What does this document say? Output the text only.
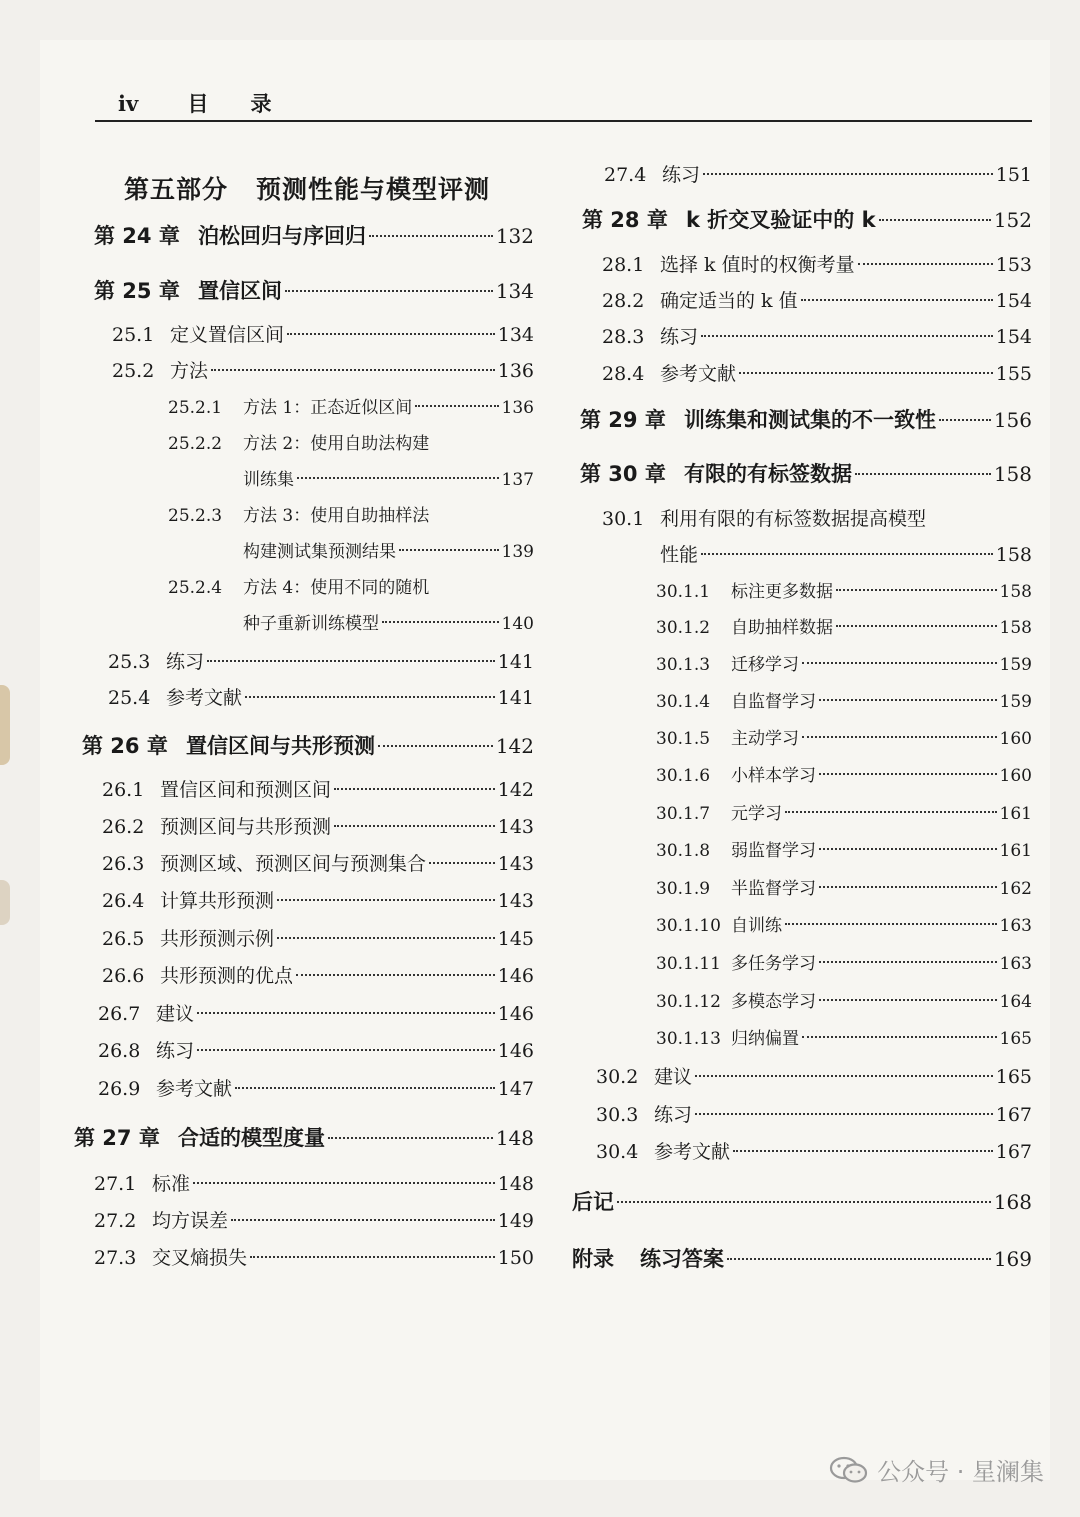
iv 目录
第五部分 预测性能与模型评测
第 24 章 泊松回归与序回归	132
第 25 章 置信区间	134
25.1 定义置信区间	134
25.2 方法	136
25.2.1	方法 1：正态近似区间	136
25.2.2	方法 2：使用自助法构建
训练集	137
25.2.3	方法 3：使用自助抽样法
构建测试集预测结果	139
25.2.4	方法 4：使用不同的随机
种子重新训练模型	140
25.3 练习	141
25.4 参考文献	141
第 26 章 置信区间与共形预测	142
26.1 置信区间和预测区间	142
26.2 预测区间与共形预测	143
26.3 预测区域、预测区间与预测集合	143
26.4 计算共形预测	143
26.5 共形预测示例	145
26.6 共形预测的优点	146
26.7 建议	146
26.8 练习	146
26.9 参考文献	147
第 27 章 合适的模型度量	148
27.1 标准	148
27.2 均方误差	149
27.3 交叉熵损失	150
27.4 练习	151
第 28 章 k 折交叉验证中的 k	152
28.1 选择 k 值时的权衡考量	153
28.2 确定适当的 k 值	154
28.3 练习	154
28.4 参考文献	155
第 29 章 训练集和测试集的不一致性	156
第 30 章 有限的有标签数据	158
30.1 利用有限的有标签数据提高模型
性能	158
30.1.1	标注更多数据	158
30.1.2	自助抽样数据	158
30.1.3	迁移学习	159
30.1.4	自监督学习	159
30.1.5	主动学习	160
30.1.6	小样本学习	160
30.1.7	元学习	161
30.1.8	弱监督学习	161
30.1.9	半监督学习	162
30.1.10 自训练	163
30.1.11 多任务学习	163
30.1.12 多模态学习	164
30.1.13 归纳偏置	165
30.2 建议	165
30.3 练习	167
30.4 参考文献	167
后记	168
附录	练习答案	169
公众号 · 星澜集
